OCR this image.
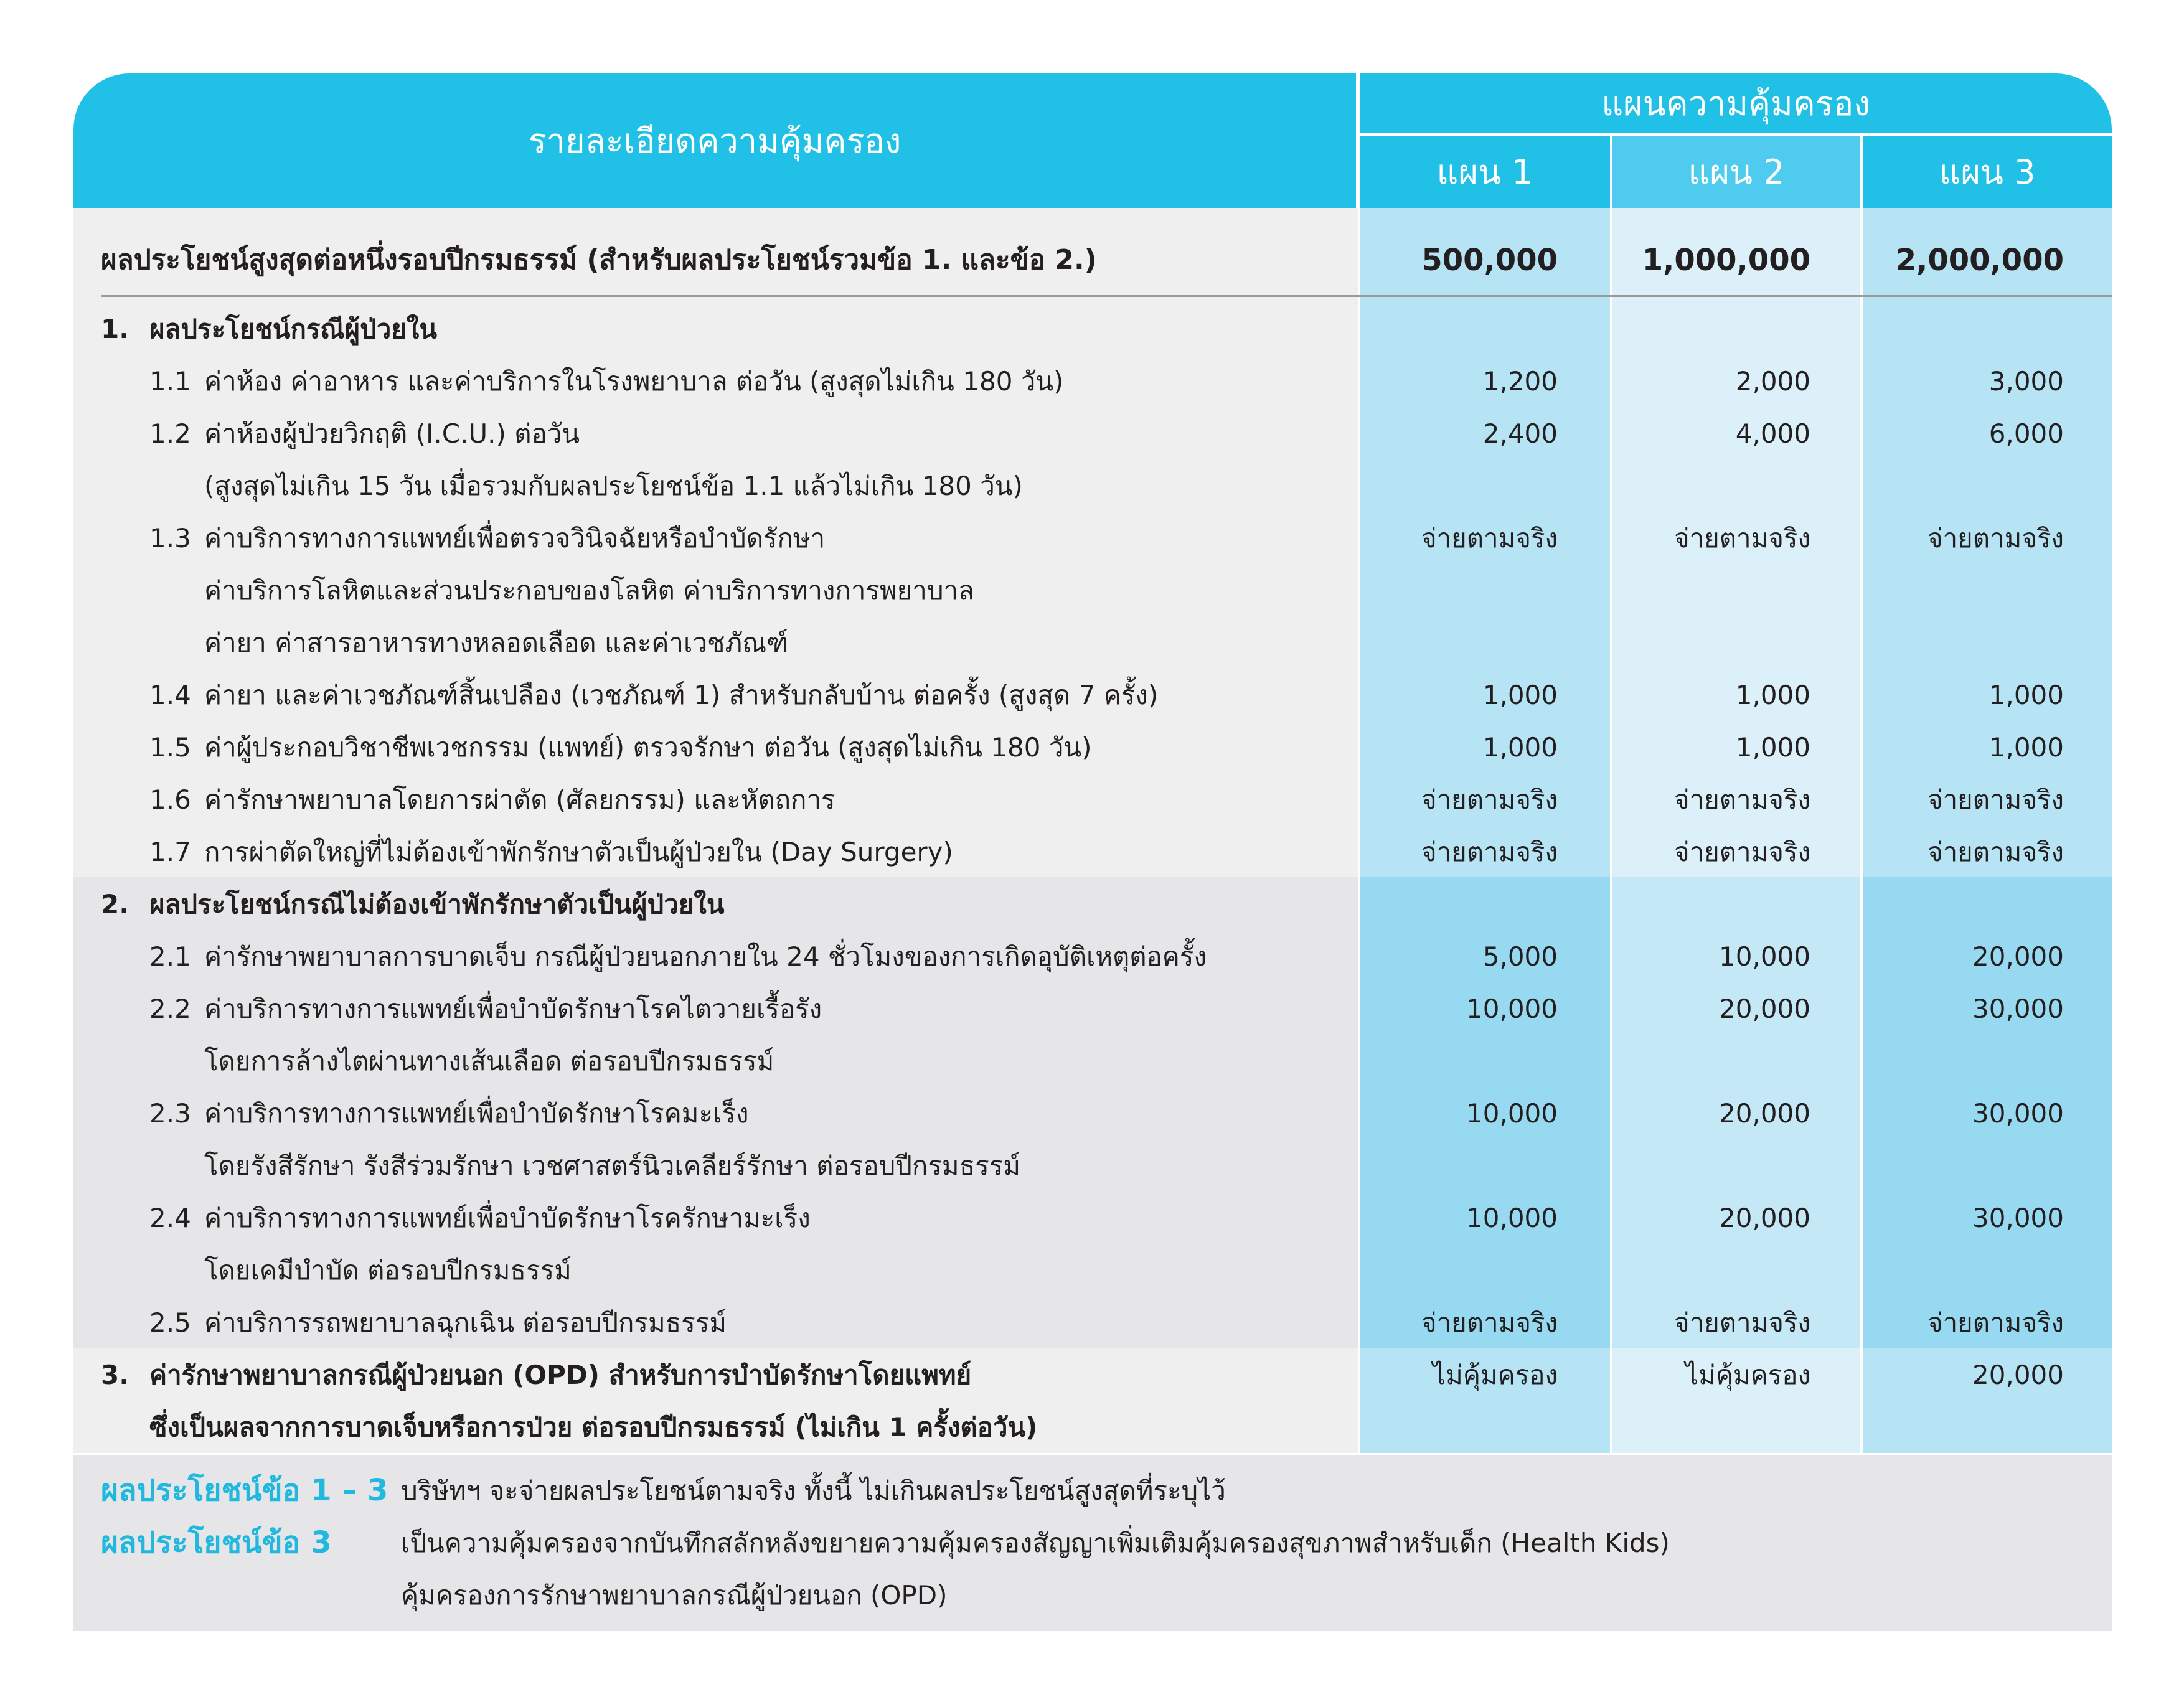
รายละเอียดความคุ้มครอง
แผนความคุ้มครอง
แผน 1	แผน 2	แผน 3
ผลประโยชน์สูงสุดต่อหนึ่งรอบปีกรมธรรม์ (สำหรับผลประโยชน์รวมข้อ 1. และข้อ 2.)	500,000	1,000,000	2,000,000
1. ผลประโยชน์กรณีผู้ป่วยใน
1.1 ค่าห้อง ค่าอาหาร และค่าบริการในโรงพยาบาล ต่อวัน (สูงสุดไม่เกิน 180 วัน)	1,200	2,000	3,000
1.2 ค่าห้องผู้ป่วยวิกฤติ (I.C.U.) ต่อวัน
(สูงสุดไม่เกิน 15 วัน เมื่อรวมกับผลประโยชน์ข้อ 1.1 แล้วไม่เกิน 180 วัน)
2,400	4,000	6,000
1.3 ค่าบริการทางการแพทย์เพื่อตรวจวินิจฉัยหรือบำบัดรักษา
ค่าบริการโลหิตและส่วนประกอบของโลหิต ค่าบริการทางการพยาบาล
ค่ายา ค่าสารอาหารทางหลอดเลือด และค่าเวชภัณฑ์
จ่ายตามจริง	จ่ายตามจริง	จ่ายตามจริง
1.4 ค่ายา และค่าเวชภัณฑ์สิ้นเปลือง (เวชภัณฑ์ 1) สำหรับกลับบ้าน ต่อครั้ง (สูงสุด 7 ครั้ง)	1,000	1,000	1,000
1.5 ค่าผู้ประกอบวิชาชีพเวชกรรม (แพทย์) ตรวจรักษา ต่อวัน (สูงสุดไม่เกิน 180 วัน)	1,000	1,000	1,000
1.6 ค่ารักษาพยาบาลโดยการผ่าตัด (ศัลยกรรม) และหัตถการ	จ่ายตามจริง	จ่ายตามจริง	จ่ายตามจริง
1.7 การผ่าตัดใหญ่ที่ไม่ต้องเข้าพักรักษาตัวเป็นผู้ป่วยใน (Day Surgery)	จ่ายตามจริง	จ่ายตามจริง	จ่ายตามจริง
2. ผลประโยชน์กรณีไม่ต้องเข้าพักรักษาตัวเป็นผู้ป่วยใน
2.1 ค่ารักษาพยาบาลการบาดเจ็บ กรณีผู้ป่วยนอกภายใน 24 ชั่วโมงของการเกิดอุบัติเหตุต่อครั้ง	5,000	10,000	20,000
2.2 ค่าบริการทางการแพทย์เพื่อบำบัดรักษาโรคไตวายเรื้อรัง
โดยการล้างไตผ่านทางเส้นเลือด ต่อรอบปีกรมธรรม์
10,000	20,000	30,000
2.3 ค่าบริการทางการแพทย์เพื่อบำบัดรักษาโรคมะเร็ง
โดยรังสีรักษา รังสีร่วมรักษา เวชศาสตร์นิวเคลียร์รักษา ต่อรอบปีกรมธรรม์
10,000	20,000	30,000
2.4 ค่าบริการทางการแพทย์เพื่อบำบัดรักษาโรครักษามะเร็ง
โดยเคมีบำบัด ต่อรอบปีกรมธรรม์
10,000	20,000	30,000
2.5 ค่าบริการรถพยาบาลฉุกเฉิน ต่อรอบปีกรมธรรม์	จ่ายตามจริง	จ่ายตามจริง	จ่ายตามจริง
3. ค่ารักษาพยาบาลกรณีผู้ป่วยนอก (OPD) สำหรับการบำบัดรักษาโดยแพทย์
ซึ่งเป็นผลจากการบาดเจ็บหรือการป่วย ต่อรอบปีกรมธรรม์ (ไม่เกิน 1 ครั้งต่อวัน)
ไม่คุ้มครอง	ไม่คุ้มครอง	20,000
ผลประโยชน์ข้อ 1 – 3 บริษัทฯ จะจ่ายผลประโยชน์ตามจริง ทั้งนี้ ไม่เกินผลประโยชน์สูงสุดที่ระบุไว้
ผลประโยชน์ข้อ 3	เป็นความคุ้มครองจากบันทึกสลักหลังขยายความคุ้มครองสัญญาเพิ่มเติมคุ้มครองสุขภาพสำหรับเด็ก (Health Kids)
คุ้มครองการรักษาพยาบาลกรณีผู้ป่วยนอก (OPD)
